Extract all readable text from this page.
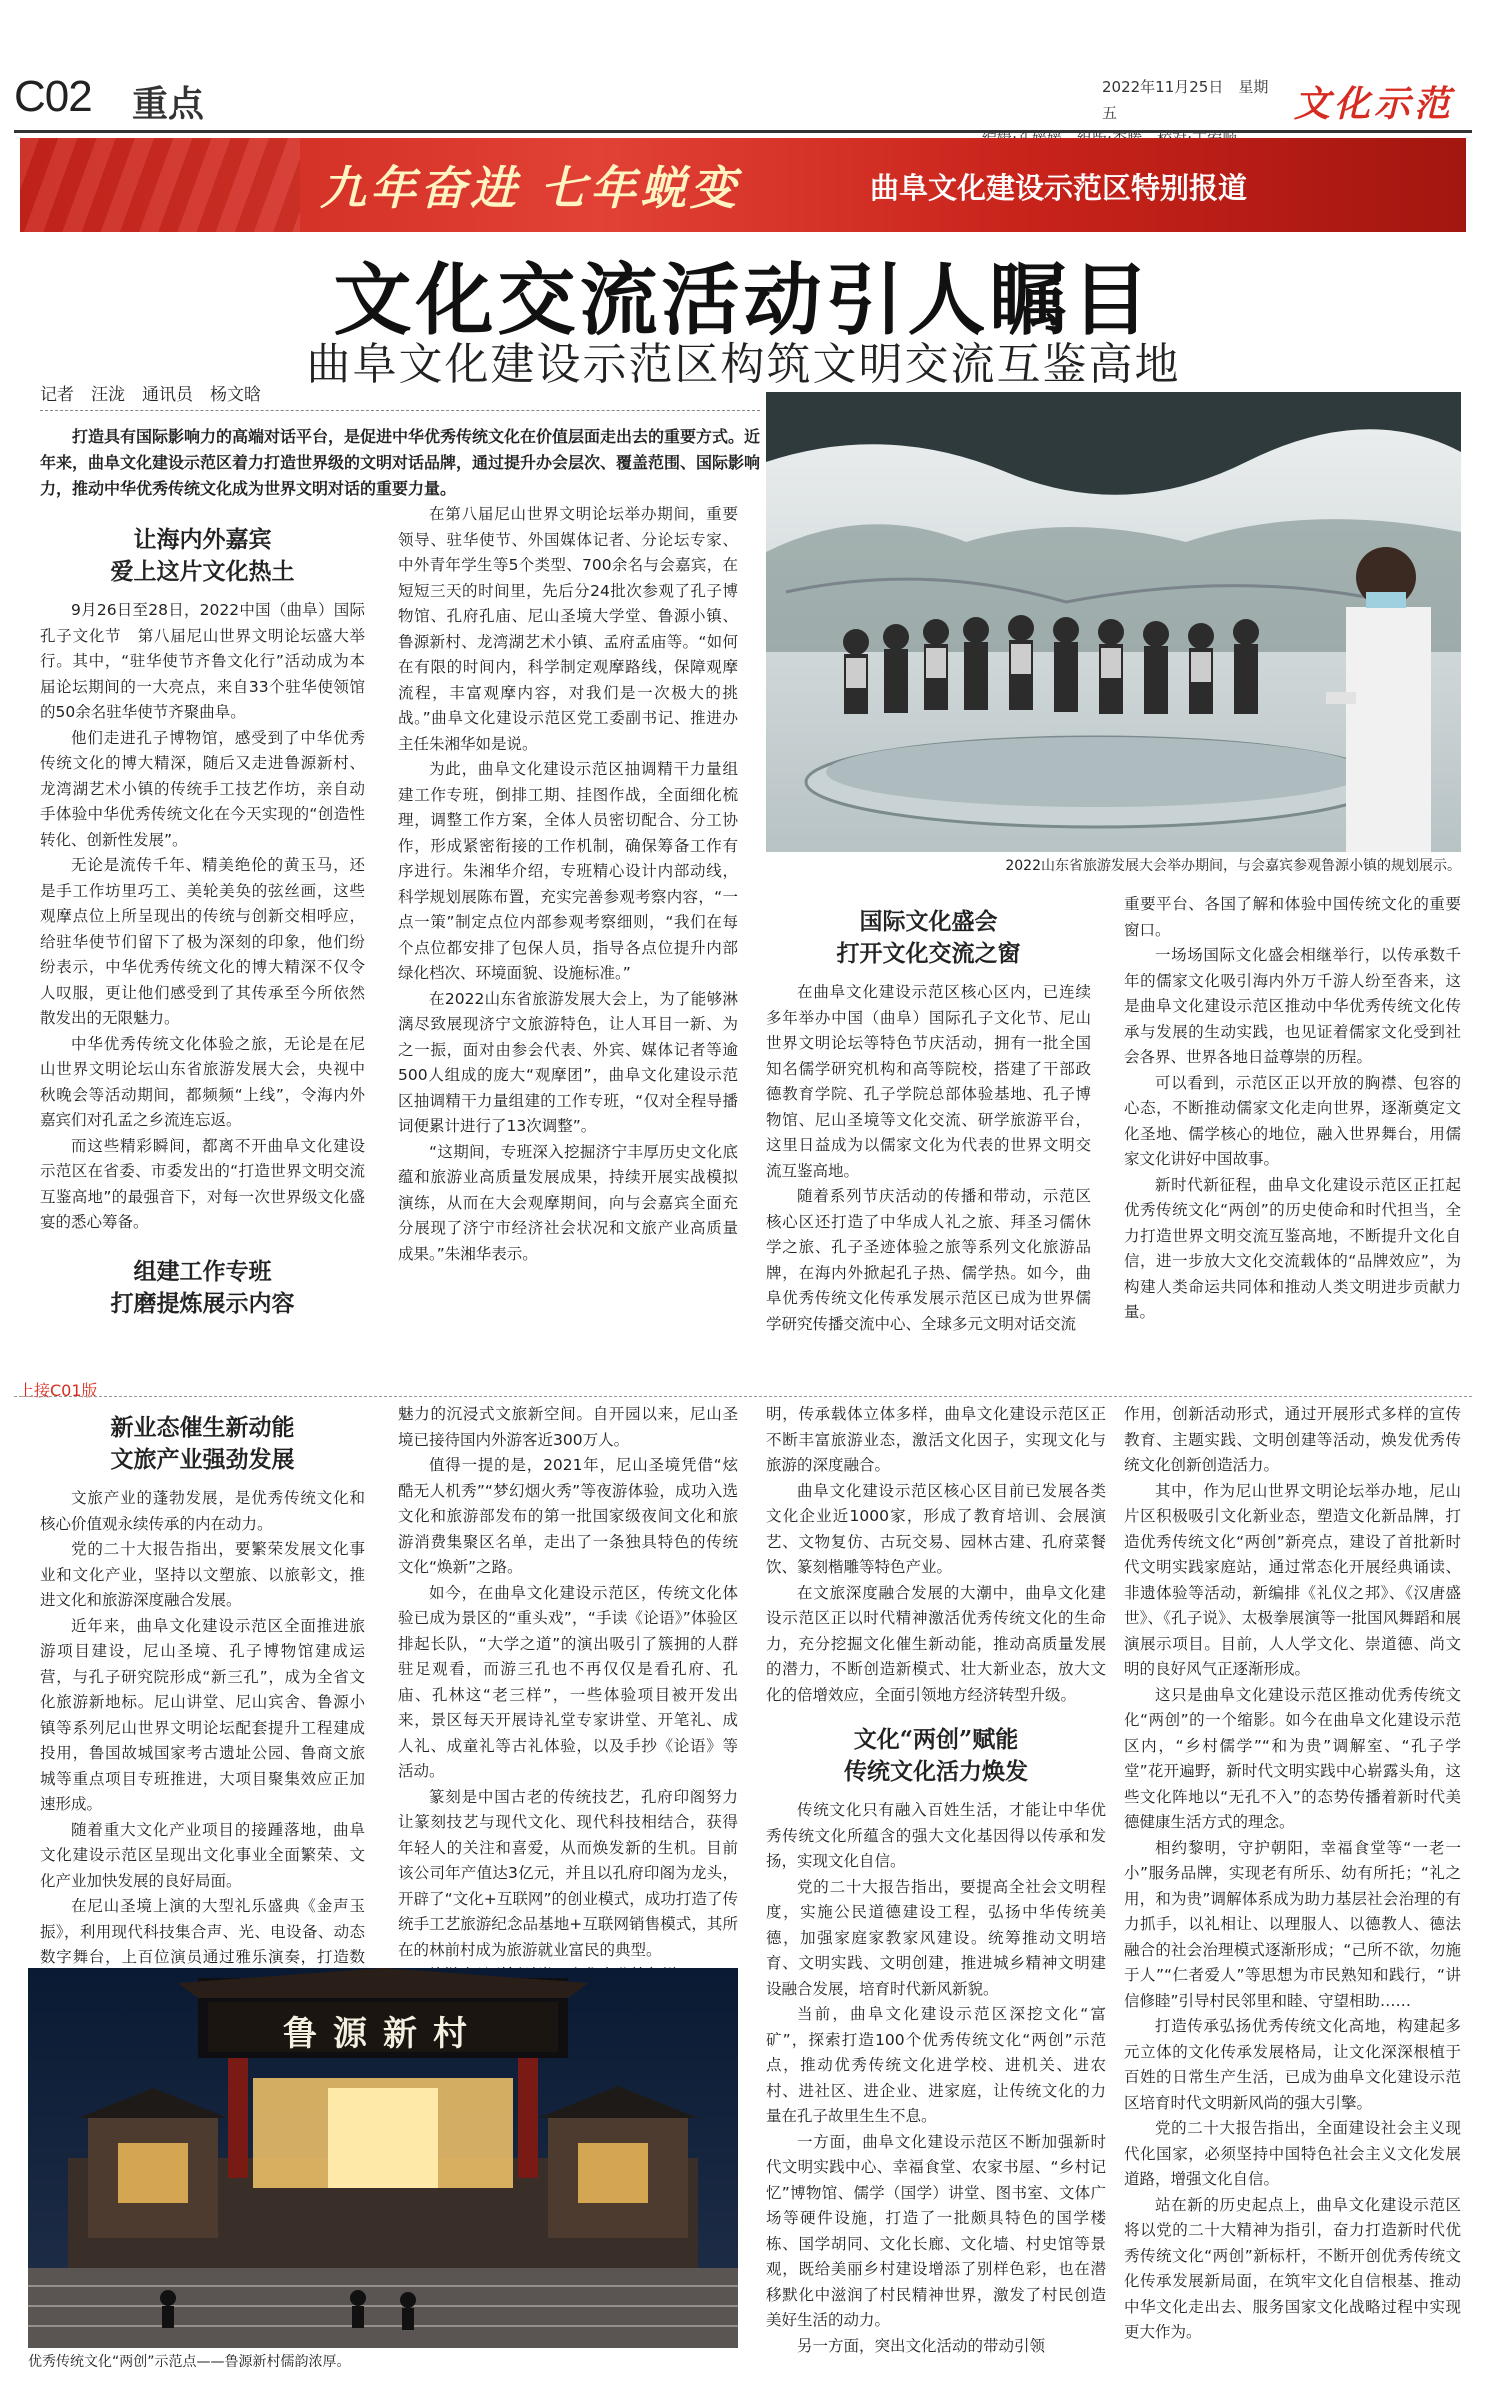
C02 重点	2022年11月25日　星期五	文化示范
九年奋进 七年蜕变	曲阜文化建设示范区特别报道
文化交流活动引人瞩目
曲阜文化建设示范区构筑文明交流互鉴高地
记者　汪泷　通讯员　杨文晗
打造具有国际影响力的高端对话平台，是促进中华优秀传统文化在价值层面走出去的重要方式。近年来，曲阜文化建设示范区着力打造世界级的文明对话品牌，通过提升办会层次、覆盖范围、国际影响力，推动中华优秀传统文化成为世界文明对话的重要力量。
让海内外嘉宾
爱上这片文化热土

9月26日至28日，2022中国（曲阜）国际孔子文化节　第八届尼山世界文明论坛盛大举行。其中，“驻华使节齐鲁文化行”活动成为本届论坛期间的一大亮点，来自33个驻华使领馆的50余名驻华使节齐聚曲阜。

他们走进孔子博物馆，感受到了中华优秀传统文化的博大精深，随后又走进鲁源新村、龙湾湖艺术小镇的传统手工技艺作坊，亲自动手体验中华优秀传统文化在今天实现的“创造性转化、创新性发展”。

无论是流传千年、精美绝伦的黄玉马，还是手工作坊里巧工、美轮美奂的弦丝画，这些观摩点位上所呈现出的传统与创新交相呼应，给驻华使节们留下了极为深刻的印象，他们纷纷表示，中华优秀传统文化的博大精深不仅令人叹服，更让他们感受到了其传承至今所依然散发出的无限魅力。

中华优秀传统文化体验之旅，无论是在尼山世界文明论坛山东省旅游发展大会，央视中秋晚会等活动期间，都频频“上线”，令海内外嘉宾们对孔孟之乡流连忘返。

而这些精彩瞬间，都离不开曲阜文化建设示范区在省委、市委发出的“打造世界文明交流互鉴高地”的最强音下，对每一次世界级文化盛宴的悉心筹备。

组建工作专班
打磨提炼展示内容

在第八届尼山世界文明论坛举办期间，重要领导、驻华使节、外国媒体记者、分论坛专家、中外青年学生等5个类型、700余名与会嘉宾，在短短三天的时间里，先后分24批次参观了孔子博物馆、孔府孔庙、尼山圣境大学堂、鲁源小镇、鲁源新村、龙湾湖艺术小镇、孟府孟庙等。“如何在有限的时间内，科学制定观摩路线，保障观摩流程，丰富观摩内容，对我们是一次极大的挑战。”曲阜文化建设示范区党工委副书记、推进办主任朱湘华如是说。

为此，曲阜文化建设示范区抽调精干力量组建工作专班，倒排工期、挂图作战，全面细化梳理，调整工作方案，全体人员密切配合、分工协作，形成紧密衔接的工作机制，确保筹备工作有序进行。朱湘华介绍，专班精心设计内部动线，科学规划展陈布置，充实完善参观考察内容，“一点一策”制定点位内部参观考察细则，“我们在每个点位都安排了包保人员，指导各点位提升内部绿化档次、环境面貌、设施标准。”

在2022山东省旅游发展大会上，为了能够淋漓尽致展现济宁文旅游特色，让人耳目一新、为之一振，面对由参会代表、外宾、媒体记者等逾500人组成的庞大“观摩团”，曲阜文化建设示范区抽调精干力量组建的工作专班，“仅对全程导播词便累计进行了13次调整”。

“这期间，专班深入挖掘济宁丰厚历史文化底蕴和旅游业高质量发展成果，持续开展实战模拟演练，从而在大会观摩期间，向与会嘉宾全面充分展现了济宁市经济社会状况和文旅产业高质量成果。”朱湘华表示。

2022山东省旅游发展大会举办期间，与会嘉宾参观鲁源小镇的规划展示。
国际文化盛会
打开文化交流之窗

在曲阜文化建设示范区核心区内，已连续多年举办中国（曲阜）国际孔子文化节、尼山世界文明论坛等特色节庆活动，拥有一批全国知名儒学研究机构和高等院校，搭建了干部政德教育学院、孔子学院总部体验基地、孔子博物馆、尼山圣境等文化交流、研学旅游平台，这里日益成为以儒家文化为代表的世界文明交流互鉴高地。

随着系列节庆活动的传播和带动，示范区核心区还打造了中华成人礼之旅、拜圣习儒休学之旅、孔子圣迹体验之旅等系列文化旅游品牌，在海内外掀起孔子热、儒学热。如今，曲阜优秀传统文化传承发展示范区已成为世界儒学研究传播交流中心、全球多元文明对话交流

重要平台、各国了解和体验中国传统文化的重要窗口。

一场场国际文化盛会相继举行，以传承数千年的儒家文化吸引海内外万千游人纷至沓来，这是曲阜文化建设示范区推动中华优秀传统文化传承与发展的生动实践，也见证着儒家文化受到社会各界、世界各地日益尊崇的历程。

可以看到，示范区正以开放的胸襟、包容的心态，不断推动儒家文化走向世界，逐渐奠定文化圣地、儒学核心的地位，融入世界舞台，用儒家文化讲好中国故事。

新时代新征程，曲阜文化建设示范区正扛起优秀传统文化“两创”的历史使命和时代担当，全力打造世界文明交流互鉴高地，不断提升文化自信，进一步放大文化交流载体的“品牌效应”，为构建人类命运共同体和推动人类文明进步贡献力量。

上接C01版
新业态催生新动能
文旅产业强劲发展

文旅产业的蓬勃发展，是优秀传统文化和核心价值观永续传承的内在动力。

党的二十大报告指出，要繁荣发展文化事业和文化产业，坚持以文塑旅、以旅彰文，推进文化和旅游深度融合发展。

近年来，曲阜文化建设示范区全面推进旅游项目建设，尼山圣境、孔子博物馆建成运营，与孔子研究院形成“新三孔”，成为全省文化旅游新地标。尼山讲堂、尼山宾舍、鲁源小镇等系列尼山世界文明论坛配套提升工程建成投用，鲁国故城国家考古遗址公园、鲁商文旅城等重点项目专班推进，大项目聚集效应正加速形成。

随着重大文化产业项目的接踵落地，曲阜文化建设示范区呈现出文化事业全面繁荣、文化产业加快发展的良好局面。

在尼山圣境上演的大型礼乐盛典《金声玉振》，利用现代科技集合声、光、电设备、动态数字舞台，上百位演员通过雅乐演奏，打造数

魅力的沉浸式文旅新空间。自开园以来，尼山圣境已接待国内外游客近300万人。

值得一提的是，2021年，尼山圣境凭借“炫酷无人机秀”“梦幻烟火秀”等夜游体验，成功入选文化和旅游部发布的第一批国家级夜间文化和旅游消费集聚区名单，走出了一条独具特色的传统文化“焕新”之路。

如今，在曲阜文化建设示范区，传统文化体验已成为景区的“重头戏”，“手读《论语》”体验区排起长队，“大学之道”的演出吸引了簇拥的人群驻足观看，而游三孔也不再仅仅是看孔府、孔庙、孔林这“老三样”，一些体验项目被开发出来，景区每天开展诗礼堂专家讲堂、开笔礼、成人礼、成童礼等古礼体验，以及手抄《论语》等活动。

篆刻是中国古老的传统技艺，孔府印阁努力让篆刻技艺与现代文化、现代科技相结合，获得年轻人的关注和喜爱，从而焕发新的生机。目前该公司年产值达3亿元，并且以孔府印阁为龙头，开辟了“文化+互联网”的创业模式，成功打造了传统手工艺旅游纪念品基地+互联网销售模式，其所在的林前村成为旅游就业富民的典型。

鲁源新村
优秀传统文化“两创”示范点——鲁源新村儒韵浓厚。

明，传承载体立体多样，曲阜文化建设示范区正不断丰富旅游业态，激活文化因子，实现文化与旅游的深度融合。

曲阜文化建设示范区核心区目前已发展各类文化企业近1000家，形成了教育培训、会展演艺、文物复仿、古玩交易、园林古建、孔府菜餐饮、篆刻楷雕等特色产业。

在文旅深度融合发展的大潮中，曲阜文化建设示范区正以时代精神激活优秀传统文化的生命力，充分挖掘文化催生新动能，推动高质量发展的潜力，不断创造新模式、壮大新业态，放大文化的倍增效应，全面引领地方经济转型升级。

文化“两创”赋能
传统文化活力焕发

传统文化只有融入百姓生活，才能让中华优秀传统文化所蕴含的强大文化基因得以传承和发扬，实现文化自信。

党的二十大报告指出，要提高全社会文明程度，实施公民道德建设工程，弘扬中华传统美德，加强家庭家教家风建设。统筹推动文明培育、文明实践、文明创建，推进城乡精神文明建设融合发展，培育时代新风新貌。

当前，曲阜文化建设示范区深挖文化“富矿”，探索打造100个优秀传统文化“两创”示范点，推动优秀传统文化进学校、进机关、进农村、进社区、进企业、进家庭，让传统文化的力量在孔子故里生生不息。

一方面，曲阜文化建设示范区不断加强新时代文明实践中心、幸福食堂、农家书屋、“乡村记忆”博物馆、儒学（国学）讲堂、图书室、文体广场等硬件设施，打造了一批颇具特色的国学楼栋、国学胡同、文化长廊、文化墙、村史馆等景观，既给美丽乡村建设增添了别样色彩，也在潜移默化中滋润了村民精神世界，激发了村民创造美好生活的动力。

另一方面，突出文化活动的带动引领

作用，创新活动形式，通过开展形式多样的宣传教育、主题实践、文明创建等活动，焕发优秀传统文化创新创造活力。

其中，作为尼山世界文明论坛举办地，尼山片区积极吸引文化新业态，塑造文化新品牌，打造优秀传统文化“两创”新亮点，建设了首批新时代文明实践家庭站，通过常态化开展经典诵读、非遗体验等活动，新编排《礼仪之邦》、《汉唐盛世》、《孔子说》、太极拳展演等一批国风舞蹈和展演展示项目。目前，人人学文化、崇道德、尚文明的良好风气正逐渐形成。

这只是曲阜文化建设示范区推动优秀传统文化“两创”的一个缩影。如今在曲阜文化建设示范区内，“乡村儒学”“和为贵”调解室、“孔子学堂”花开遍野，新时代文明实践中心崭露头角，这些文化阵地以“无孔不入”的态势传播着新时代美德健康生活方式的理念。

相约黎明，守护朝阳，幸福食堂等“一老一小”服务品牌，实现老有所乐、幼有所托；“礼之用，和为贵”调解体系成为助力基层社会治理的有力抓手，以礼相让、以理服人、以德教人、德法融合的社会治理模式逐渐形成；“己所不欲，勿施于人”“仁者爱人”等思想为市民熟知和践行，“讲信修睦”引导村民邻里和睦、守望相助……

打造传承弘扬优秀传统文化高地，构建起多元立体的文化传承发展格局，让文化深深根植于百姓的日常生产生活，已成为曲阜文化建设示范区培育时代文明新风尚的强大引擎。

党的二十大报告指出，全面建设社会主义现代化国家，必须坚持中国特色社会主义文化发展道路，增强文化自信。

站在新的历史起点上，曲阜文化建设示范区将以党的二十大精神为指引，奋力打造新时代优秀传统文化“两创”新标杆，不断开创优秀传统文化传承发展新局面，在筑牢文化自信根基、推动中华文化走出去、服务国家文化战略过程中实现更大作为。
